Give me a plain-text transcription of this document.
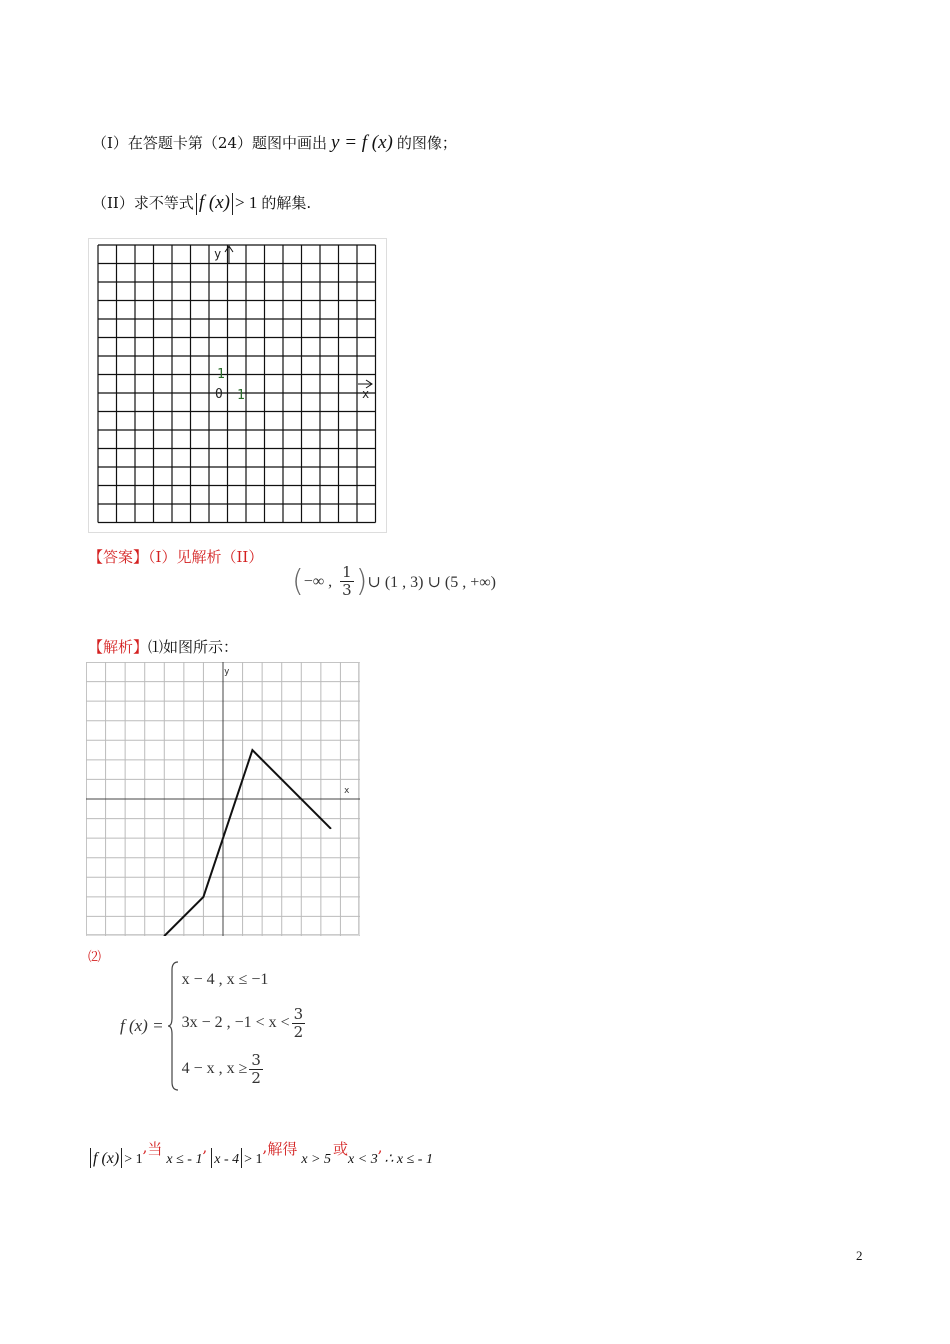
（I）在答题卡第（24）题图中画出 y = f (x) 的图像；
（II）求不等式 f (x) > 1 的解集.
y
x
1
0 1
【答案】（I）见解析（II）
( −∞ , $\frac{1}{3}$ ) ∪ (1 , 3) ∪ (5 , +∞)
【解析】⑴如图所示：
y
x
⑵
f (x) =
x − 4 , x ≤ −1
3x − 2 , $-1 < x < \frac{3}{2}$
4 − x , $x \ge \frac{3}{2}$
f (x) > 1
, 当
x ≤ - 1
,
x - 4 > 1
, 解得
x > 5
或
x < 3
,
∴ x ≤ - 1
2
